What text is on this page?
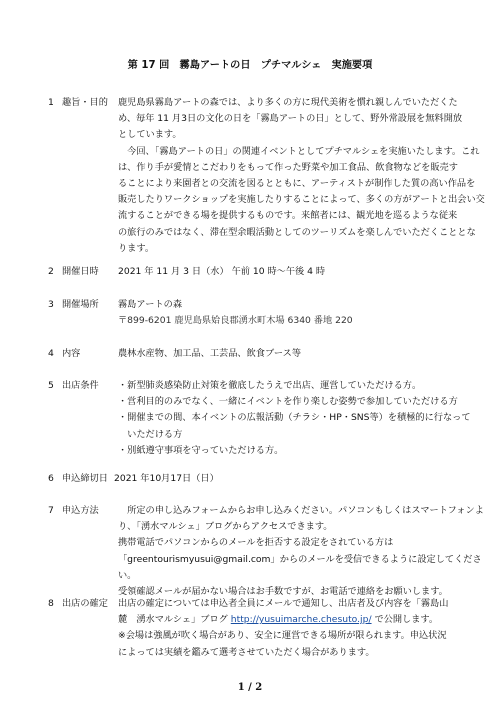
第 17 回　霧島アートの日　プチマルシェ　実施要項
1 趣旨・目的 鹿児島県霧島アートの森では、より多くの方に現代美術を慣れ親しんでいただくた

め、毎年 11 月3日の文化の日を「霧島アートの日」として、野外常設展を無料開放

としています。

　今回、「霧島アートの日」の関連イベントとしてプチマルシェを実施いたします。これ

は、作り手が愛情とこだわりをもって作った野菜や加工食品、飲食物などを販売す

ることにより来園者との交流を図るとともに、アーティストが制作した質の高い作品を

販売したりワークショップを実施したりすることによって、多くの方がアートと出会い交

流することができる場を提供するものです。来館者には、観光地を巡るような従来

の旅行のみではなく、滞在型余暇活動としてのツーリズムを楽しんでいただくこととな

ります。

2 開催日時 2021 年 11 月 3 日（水） 午前 10 時～午後 4 時
3 開催場所 霧島アートの森

〒899-6201 鹿児島県姶良郡湧水町木場 6340 番地 220

4 内容	農林水産物、加工品、工芸品、飲食ブース等
5 出店条件 ・新型肺炎感染防止対策を徹底したうえで出店、運営していただける方。

・営利目的のみでなく、一緒にイベントを作り楽しむ姿勢で参加していただける方

・開催までの間、本イベントの広報活動（チラシ・HP・SNS等）を積極的に行なって

　いただける方

・別紙遵守事項を守っていただける方。

6 申込締切日 2021 年10月17日（日）
7 申込方法 　所定の申し込みフォームからお申し込みください。パソコンもしくはスマートフォンよ

り、「湧水マルシェ」ブログからアクセスできます。

携帯電話でパソコンからのメールを拒否する設定をされている方は

「greentourismyusui@gmail.com」からのメールを受信できるように設定してください。

受領確認メールが届かない場合はお手数ですが、お電話で連絡をお願いします。

8 出店の確定 出店の確定については申込者全員にメールで通知し、出店者及び内容を「霧島山

麓　湧水マルシェ」ブログ http://yusuimarche.chesuto.jp/ で公開します。

※会場は強風が吹く場合があり、安全に運営できる場所が限られます。申込状況

によっては実績を鑑みて選考させていただく場合があります。

1 / 2
